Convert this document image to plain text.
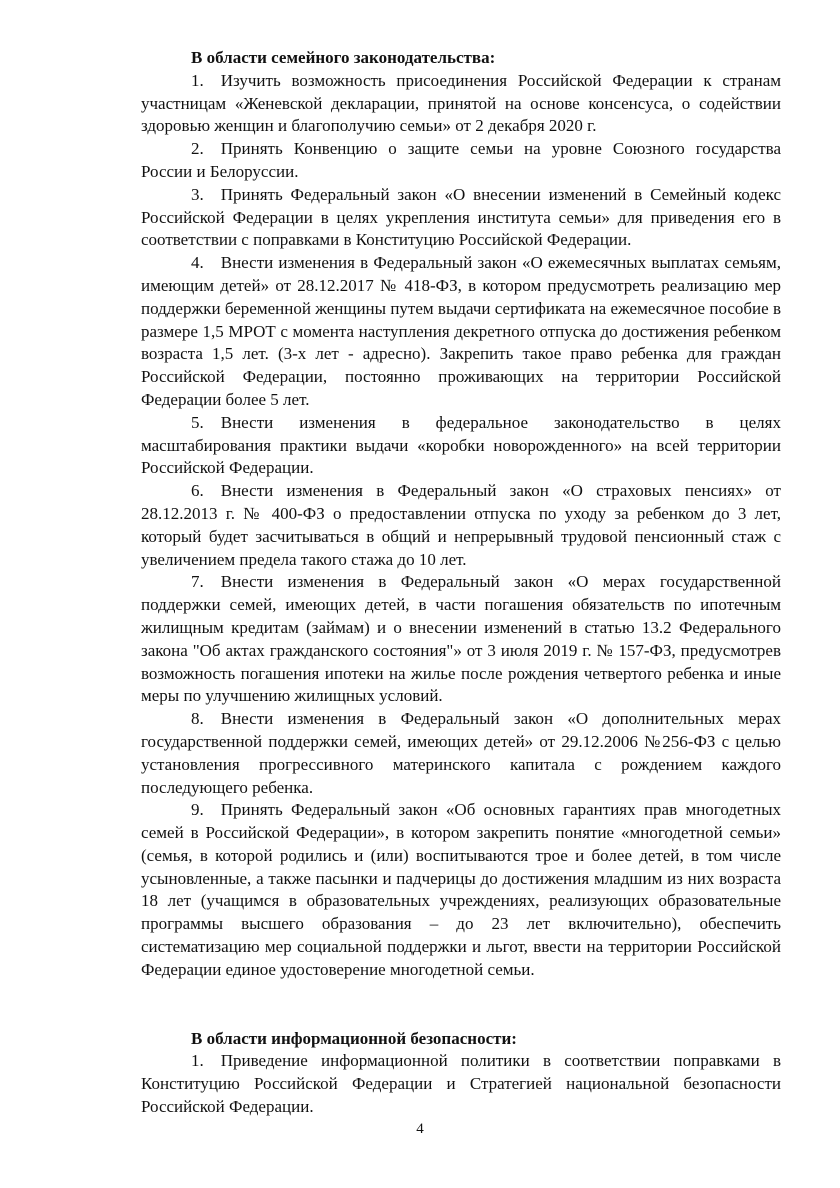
В области семейного законодательства:

1. Изучить возможность присоединения Российской Федерации к странам участницам «Женевской декларации, принятой на основе консенсуса, о содействии здоровью женщин и благополучию семьи» от 2 декабря 2020 г.

2. Принять Конвенцию о защите семьи на уровне Союзного государства России и Белоруссии.

3. Принять Федеральный закон «О внесении изменений в Семейный кодекс Российской Федерации в целях укрепления института семьи» для приведения его в соответствии с поправками в Конституцию Российской Федерации.

4. Внести изменения в Федеральный закон «О ежемесячных выплатах семьям, имеющим детей» от 28.12.2017 № 418-ФЗ, в котором предусмотреть реализацию мер поддержки беременной женщины путем выдачи сертификата на ежемесячное пособие в размере 1,5 МРОТ с момента наступления декретного отпуска до достижения ребенком возраста 1,5 лет. (3-х лет - адресно). Закрепить такое право ребенка для граждан Российской Федерации, постоянно проживающих на территории Российской Федерации более 5 лет.

5. Внести изменения в федеральное законодательство в целях масштабирования практики выдачи «коробки новорожденного» на всей территории Российской Федерации.

6. Внести изменения в Федеральный закон «О страховых пенсиях» от 28.12.2013 г. № 400-ФЗ о предоставлении отпуска по уходу за ребенком до 3 лет, который будет засчитываться в общий и непрерывный трудовой пенсионный стаж с увеличением предела такого стажа до 10 лет.

7. Внести изменения в Федеральный закон «О мерах государственной поддержки семей, имеющих детей, в части погашения обязательств по ипотечным жилищным кредитам (займам) и о внесении изменений в статью 13.2 Федерального закона "Об актах гражданского состояния"» от 3 июля 2019 г. № 157-ФЗ, предусмотрев возможность погашения ипотеки на жилье после рождения четвертого ребенка и иные меры по улучшению жилищных условий.

8. Внести изменения в Федеральный закон «О дополнительных мерах государственной поддержки семей, имеющих детей» от 29.12.2006 №256-ФЗ с целью установления прогрессивного материнского капитала с рождением каждого последующего ребенка.

9. Принять Федеральный закон «Об основных гарантиях прав многодетных семей в Российской Федерации», в котором закрепить понятие «многодетной семьи» (семья, в которой родились и (или) воспитываются трое и более детей, в том числе усыновленные, а также пасынки и падчерицы до достижения младшим из них возраста 18 лет (учащимся в образовательных учреждениях, реализующих образовательные программы высшего образования – до 23 лет включительно), обеспечить систематизацию мер социальной поддержки и льгот, ввести на территории Российской Федерации единое удостоверение многодетной семьи.

В области информационной безопасности:

1. Приведение информационной политики в соответствии поправками в Конституцию Российской Федерации и Стратегией национальной безопасности Российской Федерации.

4
